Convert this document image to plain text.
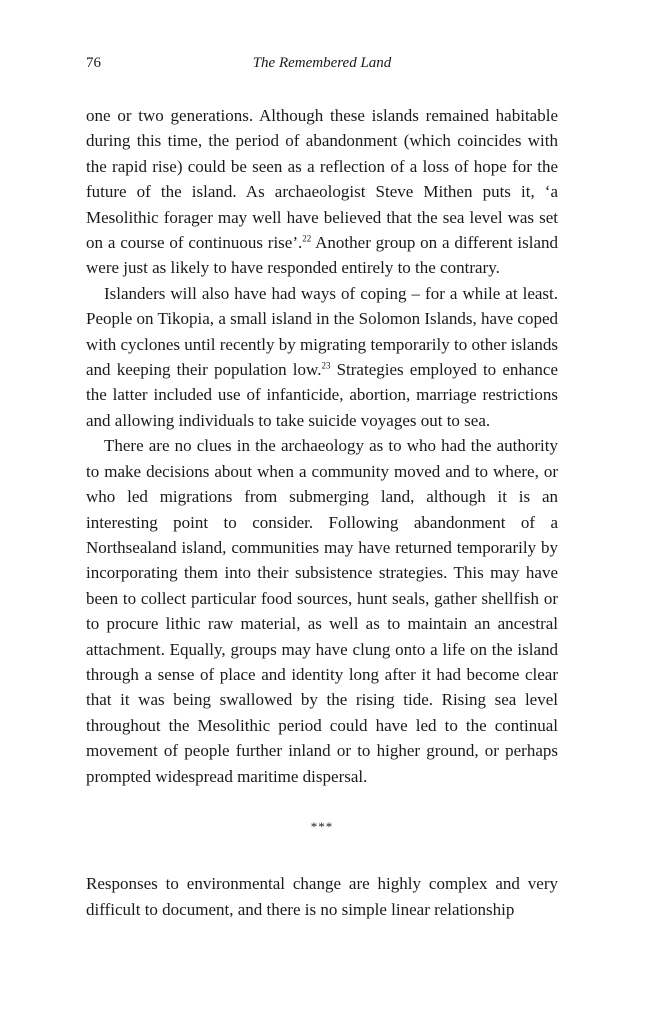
76	The Remembered Land

one or two generations. Although these islands remained habitable during this time, the period of abandonment (which coincides with the rapid rise) could be seen as a reflection of a loss of hope for the future of the island. As archaeologist Steve Mithen puts it, ‘a Mesolithic forager may well have believed that the sea level was set on a course of continuous rise’.$^{22}$ Another group on a different island were just as likely to have responded entirely to the contrary.

Islanders will also have had ways of coping – for a while at least. People on Tikopia, a small island in the Solomon Islands, have coped with cyclones until recently by migrating temporarily to other islands and keeping their population low.$^{23}$ Strategies employed to enhance the latter included use of infanticide, abortion, marriage restrictions and allowing individuals to take suicide voyages out to sea.

There are no clues in the archaeology as to who had the authority to make decisions about when a community moved and to where, or who led migrations from submerging land, although it is an interesting point to consider. Following abandonment of a Northsealand island, communities may have returned temporarily by incorporating them into their subsistence strategies. This may have been to collect particular food sources, hunt seals, gather shellfish or to procure lithic raw material, as well as to maintain an ancestral attachment. Equally, groups may have clung onto a life on the island through a sense of place and identity long after it had become clear that it was being swallowed by the rising tide. Rising sea level throughout the Mesolithic period could have led to the continual movement of people further inland or to higher ground, or perhaps prompted widespread maritime dispersal.

***

Responses to environmental change are highly complex and very difficult to document, and there is no simple linear relationship
